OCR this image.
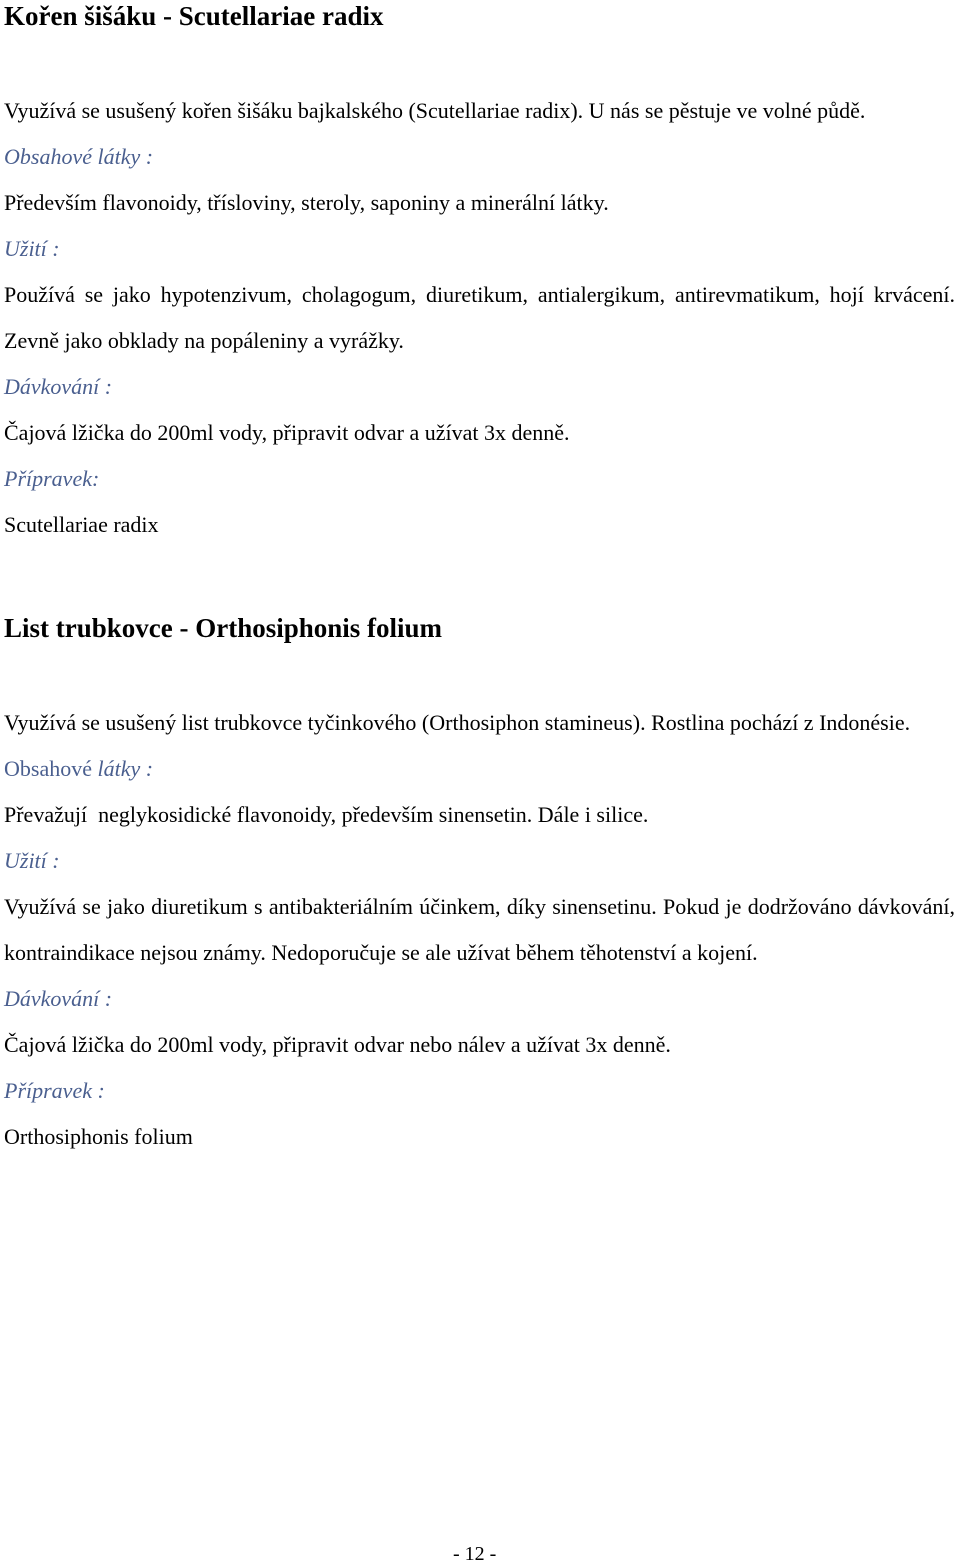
Kořen šišáku - Scutellariae radix

Využívá se usušený kořen šišáku bajkalského (Scutellariae radix). U nás se pěstuje ve volné půdě.

Obsahové látky :

Především flavonoidy, třísloviny, steroly, saponiny a minerální látky.

Užití :

Používá se jako hypotenzivum, cholagogum, diuretikum, antialergikum, antirevmatikum, hojí krvácení. Zevně jako obklady na popáleniny a vyrážky.

Dávkování :

Čajová lžička do 200ml vody, připravit odvar a užívat 3x denně.

Přípravek:

Scutellariae radix

List trubkovce - Orthosiphonis folium

Využívá se usušený list trubkovce tyčinkového (Orthosiphon stamineus). Rostlina pochází z Indonésie.

Obsahové látky :

Převažují  neglykosidické flavonoidy, především sinensetin. Dále i silice.

Užití :

Využívá se jako diuretikum s antibakteriálním účinkem, díky sinensetinu. Pokud je dodržováno dávkování, kontraindikace nejsou známy. Nedoporučuje se ale užívat během těhotenství a kojení.

Dávkování :

Čajová lžička do 200ml vody, připravit odvar nebo nálev a užívat 3x denně.

Přípravek :

Orthosiphonis folium

- 12 -
